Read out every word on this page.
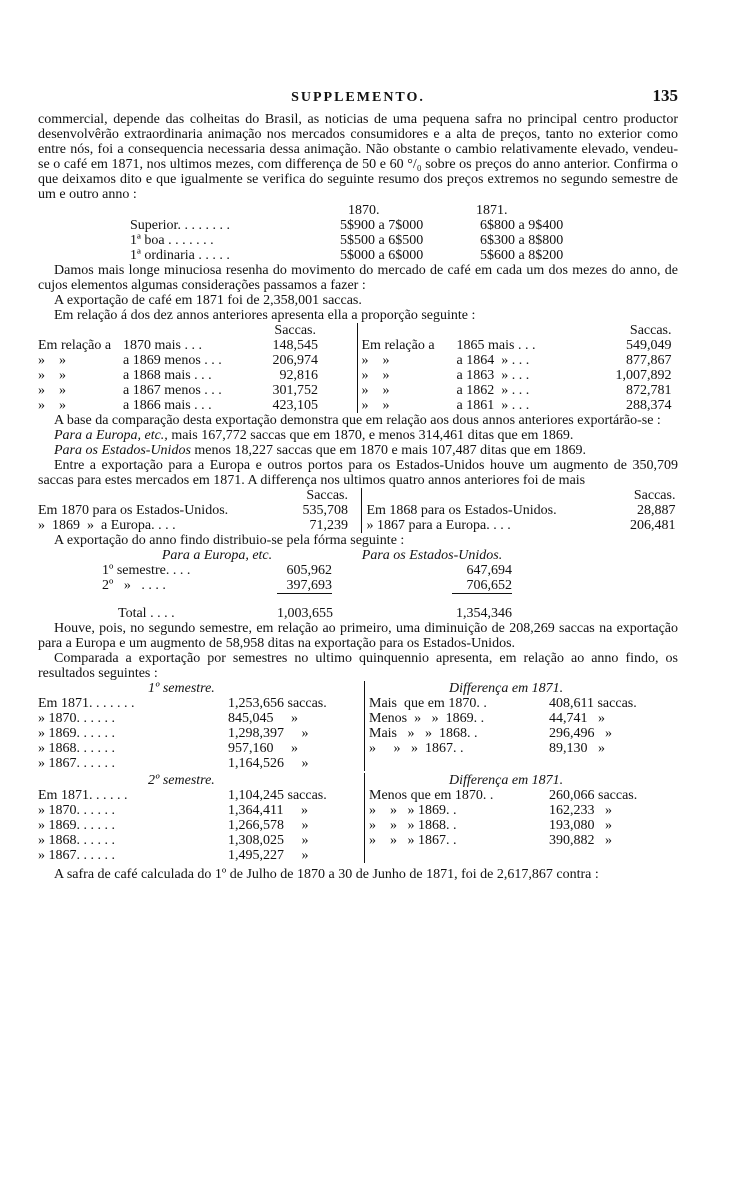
SUPPLEMENTO.	135

commercial, depende das colheitas do Brasil, as noticias de uma pequena safra no principal centro productor desenvolvêrão extraordinaria animação nos mercados consumidores e a alta de preços, tanto no exterior como entre nós, foi a consequencia necessaria dessa animação. Não obstante o cambio relativamente elevado, vendeu-se o café em 1871, nos ultimos mezes, com differença de 50 e 60 °/₀ sobre os preços do anno anterior. Confirma o que deixamos dito e que igualmente se verifica do seguinte resumo dos preços extremos no segundo semestre de um e outro anno :

1870.	1871.
Superior. . . . . . . .	5$900 a 7$000	6$800 a 9$400
1ª boa . . . . . . .	5$500 a 6$500	6$300 a 8$800
1ª ordinaria . . . . .	5$000 a 6$000	5$600 a 8$200

Damos mais longe minuciosa resenha do movimento do mercado de café em cada um dos mezes do anno, de cujos elementos algumas considerações passamos a fazer :

A exportação de café em 1871 foi de 2,358,001 saccas.

Em relação á dos dez annos anteriores apresenta ella a proporção seguinte :

Saccas.
Em relação a 1870 mais . . .	148,545
»    »	a 1869 menos . . .	206,974
»    »	a 1868 mais . . .	92,816
»    »	a 1867 menos . . .	301,752
»    »	a 1866 mais . . .	423,105
Saccas.
Em relação a	1865 mais . . .	549,049
»    »	a 1864  » . . .	877,867
»    »	a 1863  » . . .	1,007,892
»    »	a 1862  » . . .	872,781
»    »	a 1861  » . . .	288,374

A base da comparação desta exportação demonstra que em relação aos dous annos anteriores exportárão-se :

Para a Europa, etc., mais 167,772 saccas que em 1870, e menos 314,461 ditas que em 1869.

Para os Estados-Unidos menos 18,227 saccas que em 1870 e mais 107,487 ditas que em 1869.

Entre a exportação para a Europa e outros portos para os Estados-Unidos houve um augmento de 350,709 saccas para estes mercados em 1871. A differença nos ultimos quatro annos anteriores foi de mais

Saccas.
Em 1870 para os Estados-Unidos.	535,708
»  1869  »  a Europa. . . .	71,239
Saccas.
Em 1868 para os Estados-Unidos.	28,887
» 1867 para a Europa. . . .	206,481

A exportação do anno findo distribuio-se pela fórma seguinte :

Para a Europa, etc.	Para os Estados-Unidos.
1º semestre. . . .	605,962	647,694
2º   »   . . . .	397,693	706,652
Total . . . .	1,003,655	1,354,346

Houve, pois, no segundo semestre, em relação ao primeiro, uma diminuição de 208,269 saccas na exportação para a Europa e um augmento de 58,958 ditas na exportação para os Estados-Unidos.

Comparada a exportação por semestres no ultimo quinquennio apresenta, em relação ao anno findo, os resultados seguintes :

1º semestre.
Em 1871. . . . . . .	1,253,656 saccas.
» 1870. . . . . .	845,045     »
» 1869. . . . . .	1,298,397     »
» 1868. . . . . .	957,160     »
» 1867. . . . . .	1,164,526     »
Differença em 1871.
Mais  que em 1870. .	408,611 saccas.
Menos  »   »  1869. .	44,741   »
Mais   »   »  1868. .	296,496   »
»     »   »  1867. .	89,130   »
2º semestre.
Em 1871. . . . . .	1,104,245 saccas.
» 1870. . . . . .	1,364,411     »
» 1869. . . . . .	1,266,578     »
» 1868. . . . . .	1,308,025     »
» 1867. . . . . .	1,495,227     »
Differença em 1871.
Menos que em 1870. .	260,066 saccas.
»    »   » 1869. .	162,233   »
»    »   » 1868. .	193,080   »
»    »   » 1867. .	390,882   »

A safra de café calculada do 1º de Julho de 1870 a 30 de Junho de 1871, foi de 2,617,867 contra :
